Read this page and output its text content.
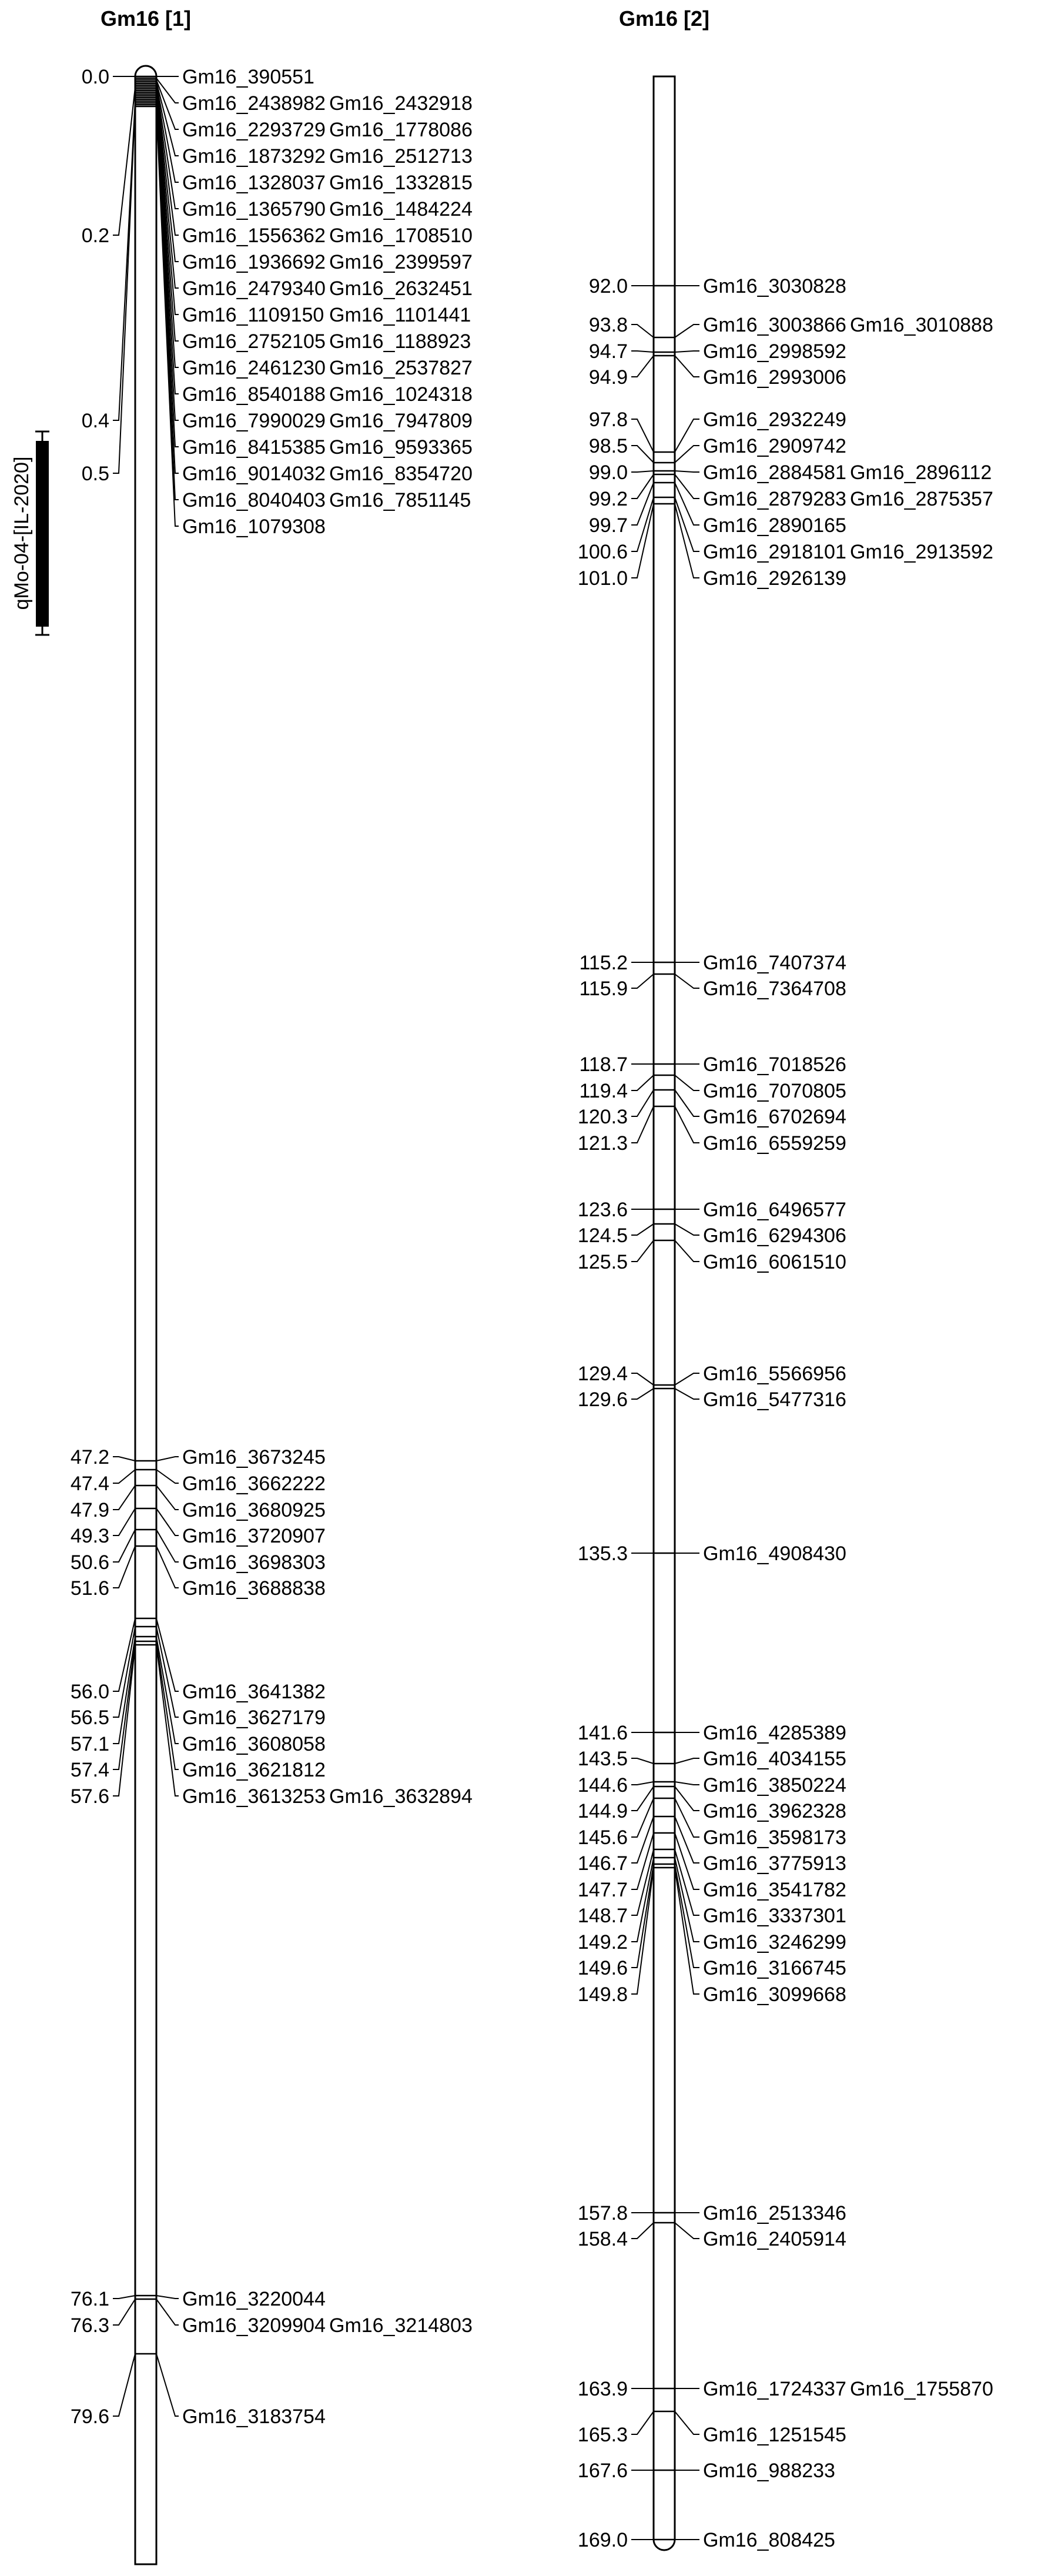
Gm16 [1]
0.0	Gm16_390551
Gm16_2438982 Gm16_2432918
Gm16_2293729 Gm16_1778086
Gm16_1873292 Gm16_2512713
Gm16_1328037 Gm16_1332815
Gm16_1365790 Gm16_1484224
0.2	Gm16_1556362 Gm16_1708510
Gm16_1936692 Gm16_2399597
Gm16_2479340 Gm16_2632451
Gm16_1109150 Gm16_1101441
Gm16_2752105 Gm16_1188923
Gm16_2461230 Gm16_2537827
Gm16_8540188 Gm16_1024318
0.4	Gm16_7990029 Gm16_7947809
Gm16_8415385 Gm16_9593365
0.5	Gm16_9014032 Gm16_8354720
Gm16_8040403 Gm16_7851145
Gm16_1079308
47.2	Gm16_3673245
47.4	Gm16_3662222
47.9	Gm16_3680925
49.3	Gm16_3720907
50.6	Gm16_3698303
51.6	Gm16_3688838
56.0	Gm16_3641382
56.5	Gm16_3627179
57.1	Gm16_3608058
57.4	Gm16_3621812
57.6	Gm16_3613253 Gm16_3632894
76.1	Gm16_3220044
76.3	Gm16_3209904 Gm16_3214803
79.6	Gm16_3183754
qMo-04-[IL-2020]
Gm16 [2]
92.0	Gm16_3030828
93.8	Gm16_3003866 Gm16_3010888
94.7	Gm16_2998592
94.9	Gm16_2993006
97.8	Gm16_2932249
98.5	Gm16_2909742
99.0	Gm16_2884581 Gm16_2896112
99.2	Gm16_2879283 Gm16_2875357
99.7	Gm16_2890165
100.6	Gm16_2918101 Gm16_2913592
101.0	Gm16_2926139
115.2	Gm16_7407374
115.9	Gm16_7364708
118.7	Gm16_7018526
119.4	Gm16_7070805
120.3	Gm16_6702694
121.3	Gm16_6559259
123.6	Gm16_6496577
124.5	Gm16_6294306
125.5	Gm16_6061510
129.4	Gm16_5566956
129.6	Gm16_5477316
135.3	Gm16_4908430
141.6	Gm16_4285389
143.5	Gm16_4034155
144.6	Gm16_3850224
144.9	Gm16_3962328
145.6	Gm16_3598173
146.7	Gm16_3775913
147.7	Gm16_3541782
148.7	Gm16_3337301
149.2	Gm16_3246299
149.6	Gm16_3166745
149.8	Gm16_3099668
157.8	Gm16_2513346
158.4	Gm16_2405914
163.9	Gm16_1724337 Gm16_1755870
165.3	Gm16_1251545
167.6	Gm16_988233
169.0	Gm16_808425
